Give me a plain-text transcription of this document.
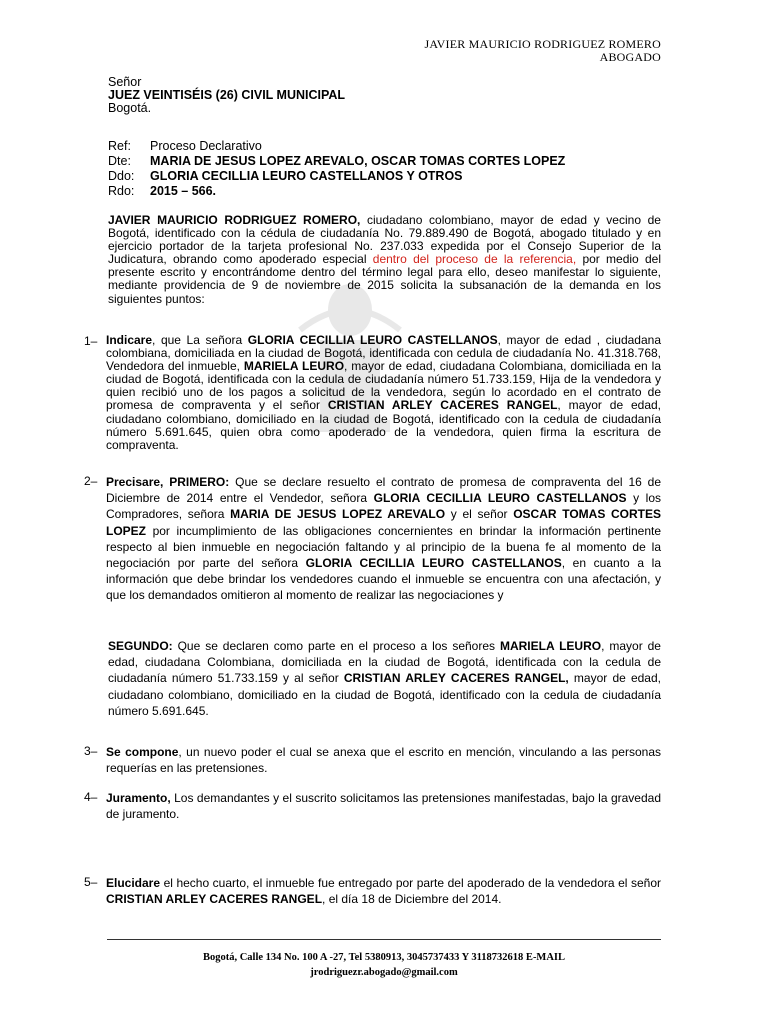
JAVIER MAURICIO RODRIGUEZ ROMERO
ABOGADO
Señor
JUEZ VEINTISÉIS (26) CIVIL MUNICIPAL
Bogotá.
Ref:	Proceso Declarativo
Dte:	MARIA DE JESUS LOPEZ AREVALO, OSCAR TOMAS CORTES LOPEZ
Ddo:	GLORIA CECILLIA LEURO CASTELLANOS Y OTROS
Rdo:	2015 – 566.
JAVIER MAURICIO RODRIGUEZ ROMERO, ciudadano colombiano, mayor de edad y vecino de Bogotá, identificado con la cédula de ciudadanía No. 79.889.490 de Bogotá, abogado titulado y en ejercicio portador de la tarjeta profesional No. 237.033 expedida por el Consejo Superior de la Judicatura, obrando como apoderado especial dentro del proceso de la referencia, por medio del presente escrito y encontrándome dentro del término legal para ello, deseo manifestar lo siguiente, mediante providencia de 9 de noviembre de 2015 solicita la subsanación de la demanda en los siguientes puntos:
1– Indicare, que La señora GLORIA CECILLIA LEURO CASTELLANOS, mayor de edad , ciudadana colombiana, domiciliada en la ciudad de Bogotá, identificada con cedula de ciudadanía No. 41.318.768, Vendedora del inmueble, MARIELA LEURO, mayor de edad, ciudadana Colombiana, domiciliada en la ciudad de Bogotá, identificada con la cedula de ciudadanía número 51.733.159, Hija de la vendedora y quien recibió uno de los pagos a solicitud de la vendedora, según lo acordado en el contrato de promesa de compraventa y el señor CRISTIAN ARLEY CACERES RANGEL, mayor de edad, ciudadano colombiano, domiciliado en la ciudad de Bogotá, identificado con la cedula de ciudadanía número 5.691.645, quien obra como apoderado de la vendedora, quien firma la escritura de compraventa.
2– Precisare, PRIMERO: Que se declare resuelto el contrato de promesa de compraventa del 16 de Diciembre de 2014 entre el Vendedor, señora GLORIA CECILLIA LEURO CASTELLANOS y los Compradores, señora MARIA DE JESUS LOPEZ AREVALO y el señor OSCAR TOMAS CORTES LOPEZ por incumplimiento de las obligaciones concernientes en brindar la información pertinente respecto al bien inmueble en negociación faltando y al principio de la buena fe al momento de la negociación por parte del señora GLORIA CECILLIA LEURO CASTELLANOS, en cuanto a la información que debe brindar los vendedores cuando el inmueble se encuentra con una afectación, y que los demandados omitieron al momento de realizar las negociaciones y
SEGUNDO: Que se declaren como parte en el proceso a los señores MARIELA LEURO, mayor de edad, ciudadana Colombiana, domiciliada en la ciudad de Bogotá, identificada con la cedula de ciudadanía número 51.733.159 y al señor CRISTIAN ARLEY CACERES RANGEL, mayor de edad, ciudadano colombiano, domiciliado en la ciudad de Bogotá, identificado con la cedula de ciudadanía número 5.691.645.
3– Se compone, un nuevo poder el cual se anexa que el escrito en mención, vinculando a las personas requerías en las pretensiones.
4– Juramento, Los demandantes y el suscrito solicitamos las pretensiones manifestadas, bajo la gravedad de juramento.
5– Elucidare el hecho cuarto, el inmueble fue entregado por parte del apoderado de la vendedora el señor CRISTIAN ARLEY CACERES RANGEL, el día 18 de Diciembre del 2014.
Bogotá, Calle 134 No. 100 A -27, Tel 5380913, 3045737433 Y 3118732618 E-MAIL
jrodriguezr.abogado@gmail.com
